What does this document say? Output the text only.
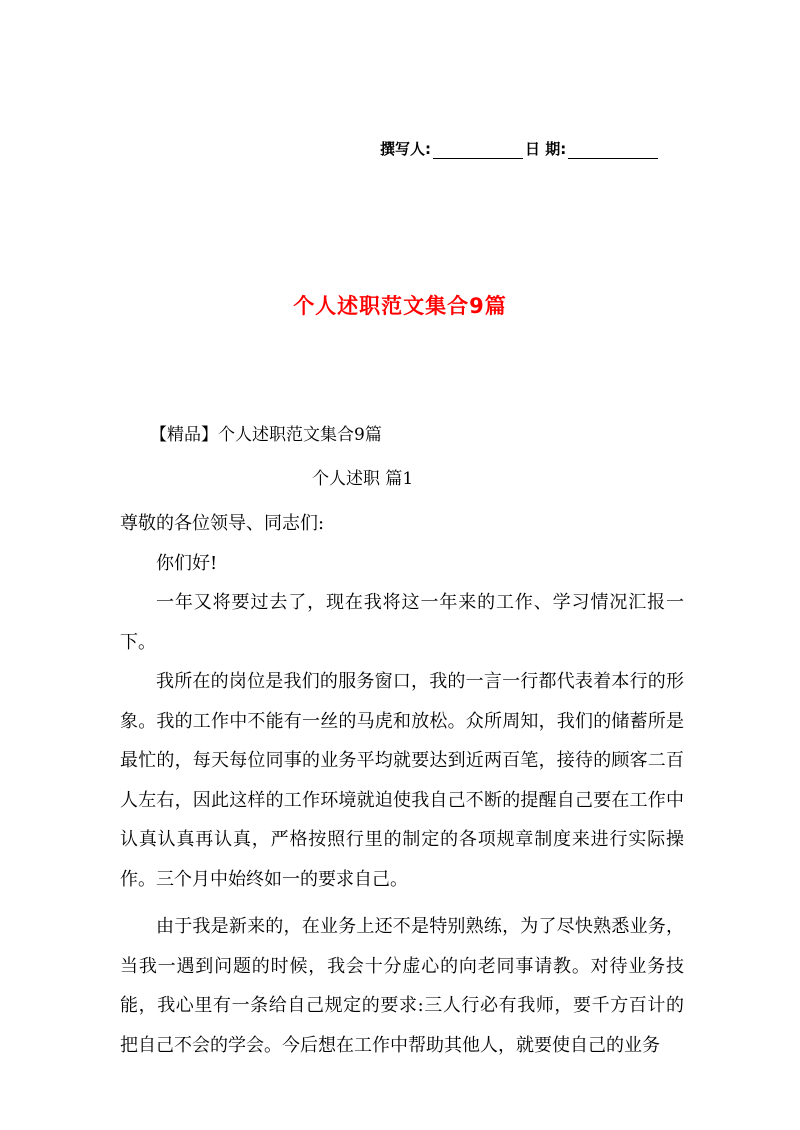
撰写人:	日 期:
个人述职范文集合9篇
【精品】个人述职范文集合9篇
个人述职 篇1

尊敬的各位领导、同志们:

你们好!

一年又将要过去了，现在我将这一年来的工作、学习情况汇报一下。

我所在的岗位是我们的服务窗口，我的一言一行都代表着本行的形象。我的工作中不能有一丝的马虎和放松。众所周知，我们的储蓄所是最忙的，每天每位同事的业务平均就要达到近两百笔，接待的顾客二百人左右，因此这样的工作环境就迫使我自己不断的提醒自己要在工作中认真认真再认真，严格按照行里的制定的各项规章制度来进行实际操作。三个月中始终如一的要求自己。

由于我是新来的，在业务上还不是特别熟练，为了尽快熟悉业务，当我一遇到问题的时候，我会十分虚心的向老同事请教。对待业务技能，我心里有一条给自己规定的要求:三人行必有我师，要千方百计的把自己不会的学会。今后想在工作中帮助其他人，就要使自己的业务
